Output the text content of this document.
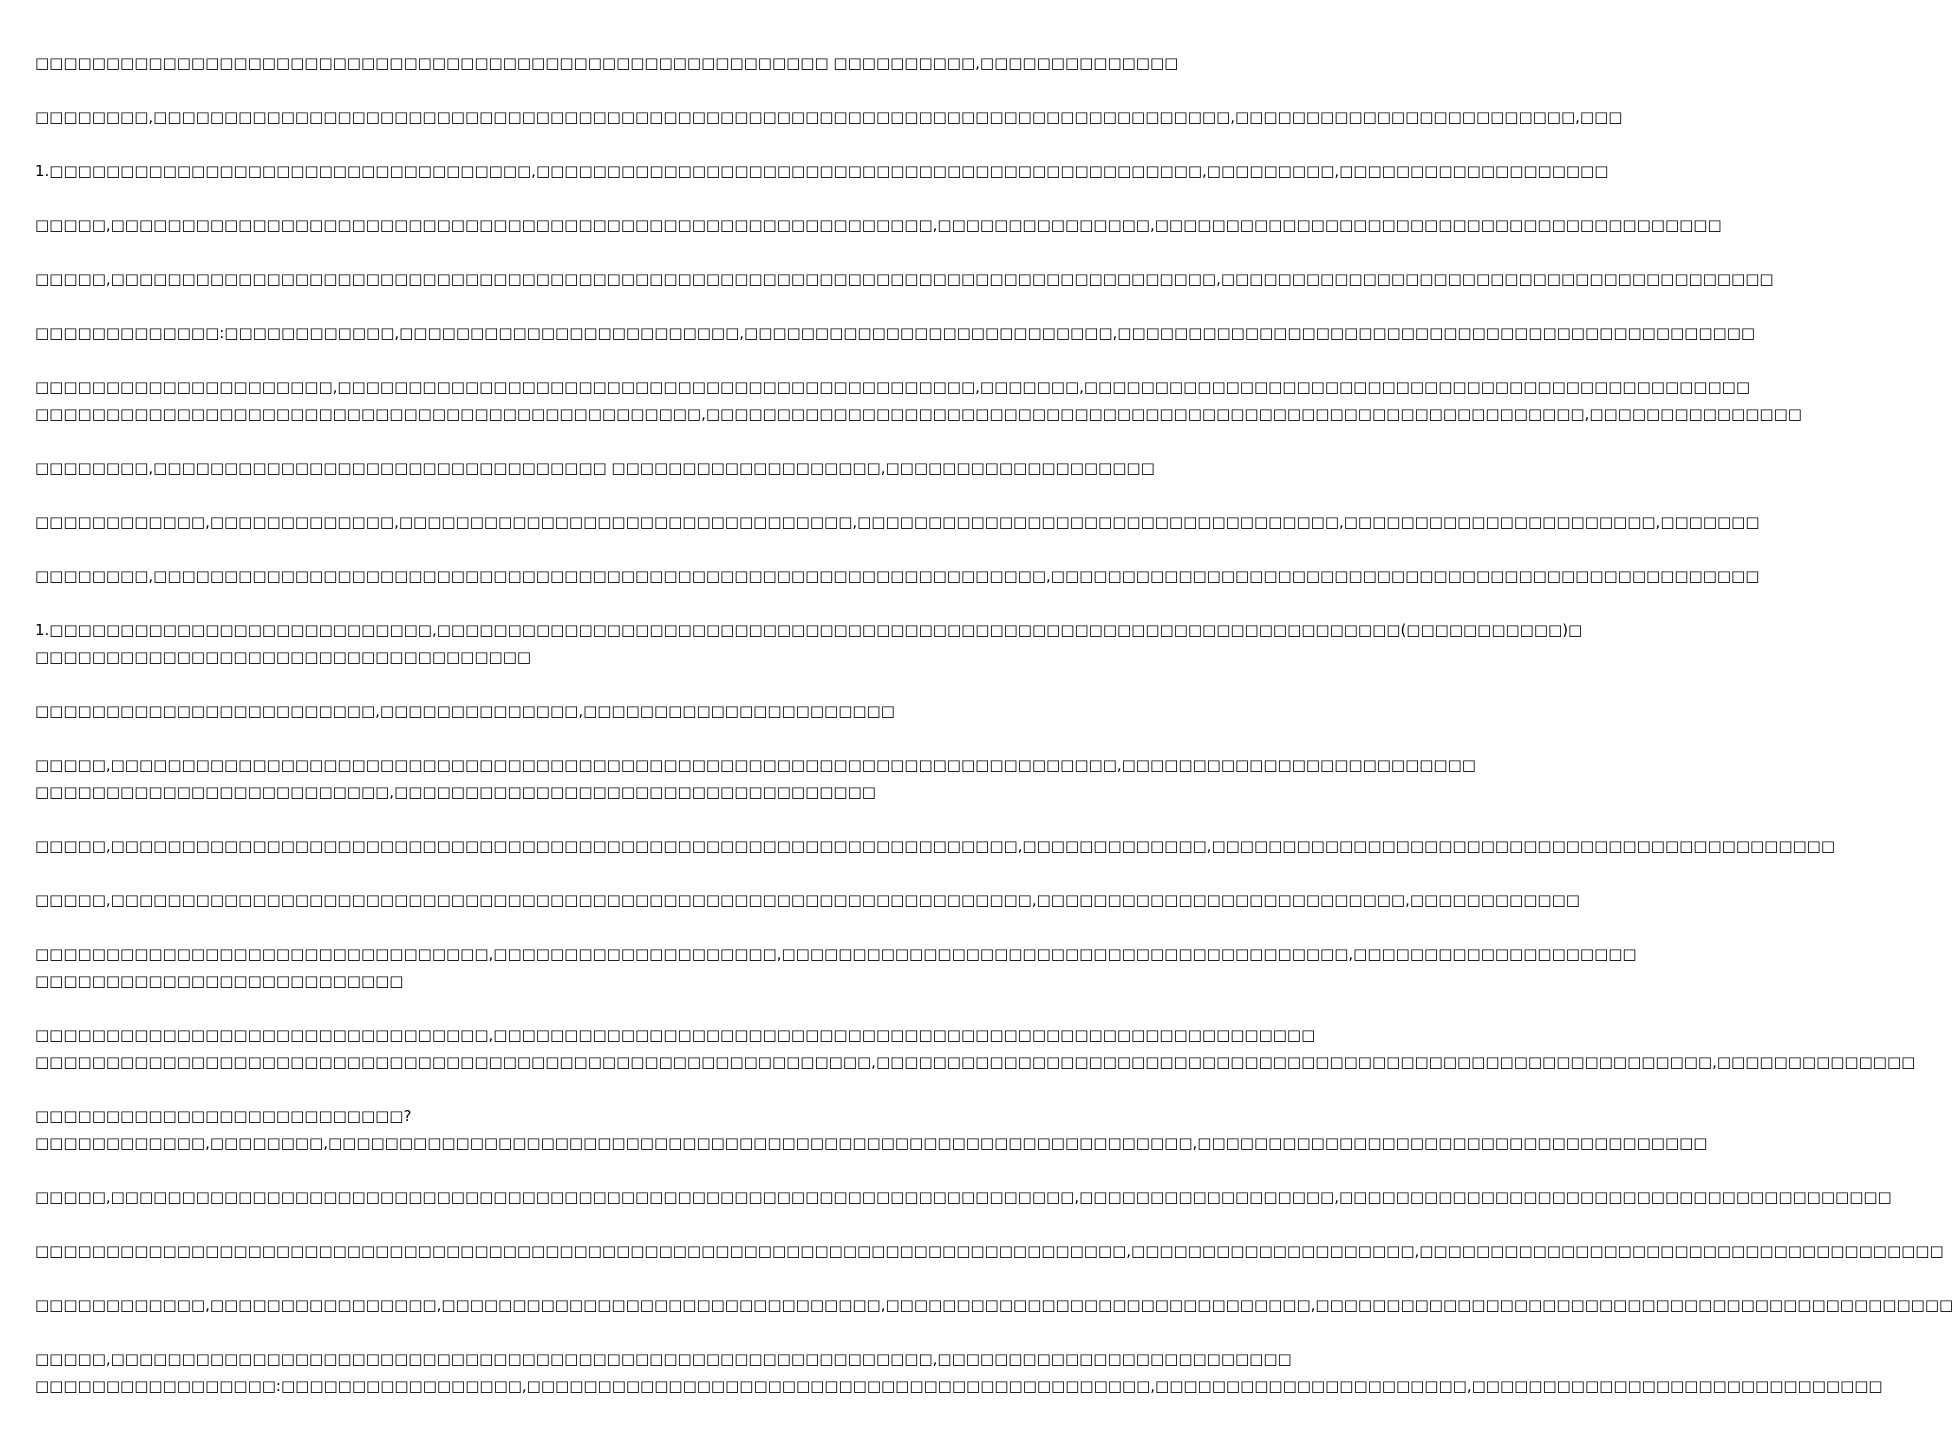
□□□□□□□□□□□□□□□□□□□□□□□□□□□□□□□□□□□□□□□□□□□□□□□□□□□□□□□□ □□□□□□□□□□,□□□□□□□□□□□□□□
□□□□□□□□,□□□□□□□□□□□□□□□□□□□□□□□□□□□□□□□□□□□□□□□□□□□□□□□□□□□□□□□□□□□□□□□□□□□□□□□□□□□□,□□□□□□□□□□□□□□□□□□□□□□□□,□□□
1.□□□□□□□□□□□□□□□□□□□□□□□□□□□□□□□□□□,□□□□□□□□□□□□□□□□□□□□□□□□□□□□□□□□□□□□□□□□□□□□□□□,□□□□□□□□□,□□□□□□□□□□□□□□□□□□□
□□□□□,□□□□□□□□□□□□□□□□□□□□□□□□□□□□□□□□□□□□□□□□□□□□□□□□□□□□□□□□□□,□□□□□□□□□□□□□□□,□□□□□□□□□□□□□□□□□□□□□□□□□□□□□□□□□□□□□□□□
□□□□□,□□□□□□□□□□□□□□□□□□□□□□□□□□□□□□□□□□□□□□□□□□□□□□□□□□□□□□□□□□□□□□□□□□□□□□□□□□□□□□,□□□□□□□□□□□□□□□□□□□□□□□□□□□□□□□□□□□□□□□
□□□□□□□□□□□□□:□□□□□□□□□□□□,□□□□□□□□□□□□□□□□□□□□□□□□,□□□□□□□□□□□□□□□□□□□□□□□□□□,□□□□□□□□□□□□□□□□□□□□□□□□□□□□□□□□□□□□□□□□□□□□□
□□□□□□□□□□□□□□□□□□□□□,□□□□□□□□□□□□□□□□□□□□□□□□□□□□□□□□□□□□□□□□□□□□□,□□□□□□□,□□□□□□□□□□□□□□□□□□□□□□□□□□□□□□□□□□□□□□□□□□□□□□□
□□□□□□□□□□□□□□□□□□□□□□□□□□□□□□□□□□□□□□□□□□□□□□□,□□□□□□□□□□□□□□□□□□□□□□□□□□□□□□□□□□□□□□□□□□□□□□□□□□□□□□□□□□□□□□,□□□□□□□□□□□□□□□
□□□□□□□□,□□□□□□□□□□□□□□□□□□□□□□□□□□□□□□□□ □□□□□□□□□□□□□□□□□□□,□□□□□□□□□□□□□□□□□□□
□□□□□□□□□□□□,□□□□□□□□□□□□□,□□□□□□□□□□□□□□□□□□□□□□□□□□□□□□□□,□□□□□□□□□□□□□□□□□□□□□□□□□□□□□□□□□□,□□□□□□□□□□□□□□□□□□□□□□,□□□□□□□
□□□□□□□□,□□□□□□□□□□□□□□□□□□□□□□□□□□□□□□□□□□□□□□□□□□□□□□□□□□□□□□□□□□□□□□□,□□□□□□□□□□□□□□□□□□□□□□□□□□□□□□□□□□□□□□□□□□□□□□□□□□
1.□□□□□□□□□□□□□□□□□□□□□□□□□□□,□□□□□□□□□□□□□□□□□□□□□□□□□□□□□□□□□□□□□□□□□□□□□□□□□□□□□□□□□□□□□□□□□□□□(□□□□□□□□□□□)□
□□□□□□□□□□□□□□□□□□□□□□□□□□□□□□□□□□□
□□□□□□□□□□□□□□□□□□□□□□□□,□□□□□□□□□□□□□□,□□□□□□□□□□□□□□□□□□□□□□
□□□□□,□□□□□□□□□□□□□□□□□□□□□□□□□□□□□□□□□□□□□□□□□□□□□□□□□□□□□□□□□□□□□□□□□□□□□□□,□□□□□□□□□□□□□□□□□□□□□□□□□
□□□□□□□□□□□□□□□□□□□□□□□□□,□□□□□□□□□□□□□□□□□□□□□□□□□□□□□□□□□□
□□□□□,□□□□□□□□□□□□□□□□□□□□□□□□□□□□□□□□□□□□□□□□□□□□□□□□□□□□□□□□□□□□□□□□,□□□□□□□□□□□□□,□□□□□□□□□□□□□□□□□□□□□□□□□□□□□□□□□□□□□□□□□□□□
□□□□□,□□□□□□□□□□□□□□□□□□□□□□□□□□□□□□□□□□□□□□□□□□□□□□□□□□□□□□□□□□□□□□□□□,□□□□□□□□□□□□□□□□□□□□□□□□□□,□□□□□□□□□□□□
□□□□□□□□□□□□□□□□□□□□□□□□□□□□□□□□,□□□□□□□□□□□□□□□□□□□□,□□□□□□□□□□□□□□□□□□□□□□□□□□□□□□□□□□□□□□□□,□□□□□□□□□□□□□□□□□□□□
□□□□□□□□□□□□□□□□□□□□□□□□□□
□□□□□□□□□□□□□□□□□□□□□□□□□□□□□□□□,□□□□□□□□□□□□□□□□□□□□□□□□□□□□□□□□□□□□□□□□□□□□□□□□□□□□□□□□□□
□□□□□□□□□□□□□□□□□□□□□□□□□□□□□□□□□□□□□□□□□□□□□□□□□□□□□□□□□□□,□□□□□□□□□□□□□□□□□□□□□□□□□□□□□□□□□□□□□□□□□□□□□□□□□□□□□□□□□□□,□□□□□□□□□□□□□□
□□□□□□□□□□□□□□□□□□□□□□□□□□?
□□□□□□□□□□□□,□□□□□□□□,□□□□□□□□□□□□□□□□□□□□□□□□□□□□□□□□□□□□□□□□□□□□□□□□□□□□□□□□□□□□□,□□□□□□□□□□□□□□□□□□□□□□□□□□□□□□□□□□□□
□□□□□,□□□□□□□□□□□□□□□□□□□□□□□□□□□□□□□□□□□□□□□□□□□□□□□□□□□□□□□□□□□□□□□□□□□□,□□□□□□□□□□□□□□□□□□,□□□□□□□□□□□□□□□□□□□□□□□□□□□□□□□□□□□□□□□
□□□□□□□□□□□□□□□□□□□□□□□□□□□□□□□□□□□□□□□□□□□□□□□□□□□□□□□□□□□□□□□□□□□□□□□□□□□□□,□□□□□□□□□□□□□□□□□□□□,□□□□□□□□□□□□□□□□□□□□□□□□□□□□□□□□□□□□□
□□□□□□□□□□□□,□□□□□□□□□□□□□□□□,□□□□□□□□□□□□□□□□□□□□□□□□□□□□□□□,□□□□□□□□□□□□□□□□□□□□□□□□□□□□□□,□□□□□□□□□□□□□□□□□□□□□□□□□□□□□□□□□□□□□□□□□□□□□
□□□□□,□□□□□□□□□□□□□□□□□□□□□□□□□□□□□□□□□□□□□□□□□□□□□□□□□□□□□□□□□□,□□□□□□□□□□□□□□□□□□□□□□□□□
□□□□□□□□□□□□□□□□□:□□□□□□□□□□□□□□□□□,□□□□□□□□□□□□□□□□□□□□□□□□□□□□□□□□□□□□□□□□□□□□,□□□□□□□□□□□□□□□□□□□□□□,□□□□□□□□□□□□□□□□□□□□□□□□□□□□□
